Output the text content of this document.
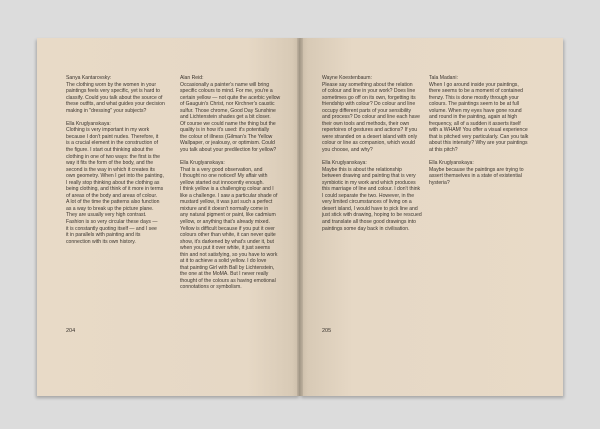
Sanya Kantarovsky:
The clothing worn by the women in your
paintings feels very specific, yet is hard to
classify. Could you talk about the source of
these outfits, and what guides your decision
making in "dressing" your subjects?

Ella Kruglyanskaya:
Clothing is very important in my work
because I don't paint nudes. Therefore, it
is a crucial element in the construction of
the figure. I start out thinking about the
clothing in one of two ways: the first is the
way it fits the form of the body, and the
second is the way in which it creates its
own geometry. When I get into the painting,
I really stop thinking about the clothing as
being clothing, and think of it more in terms
of areas of the body and areas of colour.
A lot of the time the patterns also function
as a way to break up the picture plane.
They are usually very high contrast.
Fashion is so very circular these days —
it is constantly quoting itself — and I see
it in parallels with painting and its
connection with its own history.

Alan Reid:
Occasionally a painter's name will bring
specific colours to mind. For me, you're a
certain yellow — not quite the acerbic yellow
of Gauguin's Christ, nor Kirchner's caustic
sulfur. Those chrome, Good Day Sunshine
and Lichtenstein shades get a bit closer.
Of course we could name the thing but the
quality is in how it's used: it's potentially
the colour of illness (Gilman's The Yellow
Wallpaper, or jealousy, or optimism. Could
you talk about your predilection for yellow?

Ella Kruglyanskaya:
That is a very good observation, and
I thought no one noticed! My affair with
yellow started out innocently enough.
I think yellow is a challenging colour and I
like a challenge. I saw a particular shade of
mustard yellow, it was just such a perfect
mixture and it doesn't normally come in
any natural pigment or paint, like cadmium
yellow, or anything that's already mixed.
Yellow is difficult because if you put it over
colours other than white, it can never quite
show, it's darkened by what's under it, but
when you put it over white, it just seems
thin and not satisfying, so you have to work
at it to achieve a solid yellow. I do love
that painting Girl with Ball by Lichtenstein,
the one at the MoMA. But I never really
thought of the colours as having emotional
connotations or symbolism.

204

Wayne Koestenbaum:
Please say something about the relation
of colour and line in your work? Does line
sometimes go off on its own, forgetting its
friendship with colour? Do colour and line
occupy different parts of your sensibility
and process? Do colour and line each have
their own tools and methods, their own
repertoires of gestures and actions? If you
were stranded on a desert island with only
colour or line as companion, which would
you choose, and why?

Ella Kruglyanskaya:
Maybe this is about the relationship
between drawing and painting that is very
symbiotic in my work and which produces
this marriage of line and colour. I don't think
I could separate the two. However, in the
very limited circumstances of living on a
desert island, I would have to pick line and
just stick with drawing, hoping to be rescued
and translate all those good drawings into
paintings some day back in civilisation.

Tala Madani:
When I go around inside your paintings,
there seems to be a moment of contained
frenzy. This is done mostly through your
colours. The paintings seem to be at full
volume. When my eyes have gone round
and round in the painting, again at high
frequency, all of a sudden it asserts itself
with a WHAM! You offer a visual experience
that is pitched very particularly. Can you talk
about this intensity? Why are your paintings
at this pitch?

Ella Kruglyanskaya:
Maybe because the paintings are trying to
assert themselves in a state of existential
hysteria?

205
